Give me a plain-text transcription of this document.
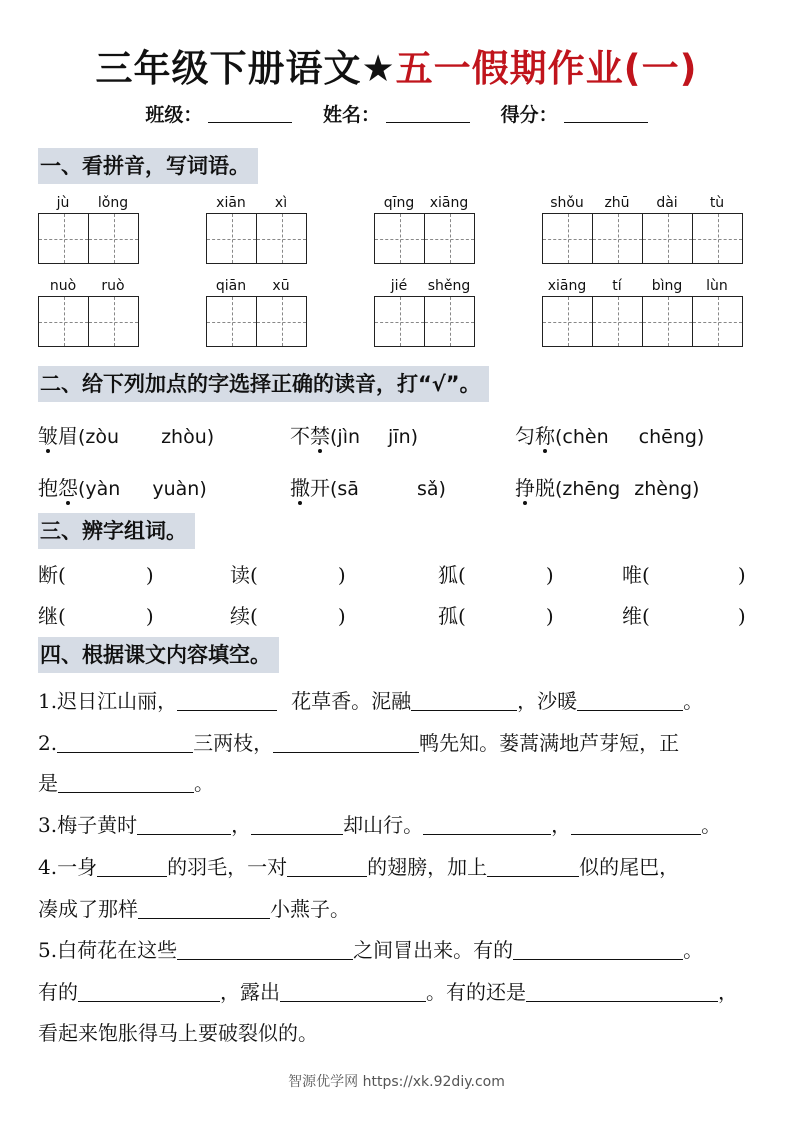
三年级下册语文★五一假期作业(一)
班级：	姓名：	得分：
一、看拼音，写词语。
jù	lǒng	xiān	xì	qīng	xiāng	shǒu	zhū	dài	tù
nuò	ruò	qiān	xū	jié	shěng	xiāng	tí	bìng	lùn
二、给下列加点的字选择正确的读音，打“√”。
皱眉(zòu zhòu)	不禁(jìn jīn)	匀称(chèn chēng)
抱怨(yàn yuàn)	撒开(sā	sǎ)	挣脱(zhēng zhèng)
三、辨字组词。
断(	)	读(	)	狐(	)	唯(	)
继(	)	续(	)	孤(	)	维(	)
四、根据课文内容填空。
1.迟日江山丽，	花草香。泥融	，沙暖	。
2.	三两枝，	鸭先知。蒌蒿满地芦芽短，正
是	。
3.梅子黄时	，	却山行。	，	。
4.一身	的羽毛，一对	的翅膀，加上	似的尾巴，
凑成了那样	小燕子。
5.白荷花在这些	之间冒出来。有的	。
有的	，露出	。有的还是	，
看起来饱胀得马上要破裂似的。
智源优学网 https://xk.92diy.com
